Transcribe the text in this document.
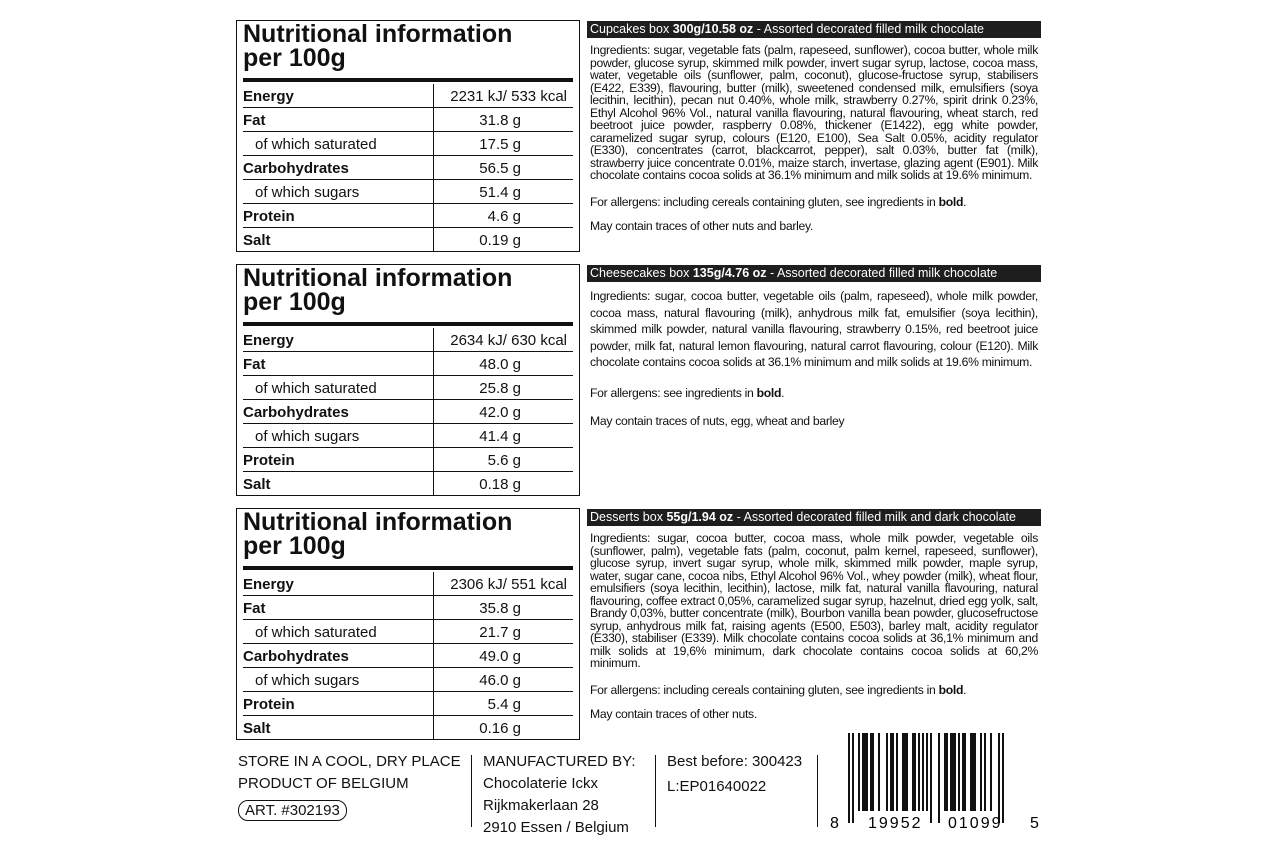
Nutritional information
per 100g
Energy	2231 kJ/ 533 kcal
Fat	31.8 g
of which saturated	17.5 g
Carbohydrates	56.5 g
of which sugars	51.4 g
Protein	4.6 g
Salt	0.19 g
Nutritional information
per 100g
Energy	2634 kJ/ 630 kcal
Fat	48.0 g
of which saturated	25.8 g
Carbohydrates	42.0 g
of which sugars	41.4 g
Protein	5.6 g
Salt	0.18 g
Nutritional information
per 100g
Energy	2306 kJ/ 551 kcal
Fat	35.8 g
of which saturated	21.7 g
Carbohydrates	49.0 g
of which sugars	46.0 g
Protein	5.4 g
Salt	0.16 g
Cupcakes box 300g/10.58 oz - Assorted decorated filled milk chocolate

Ingredients: sugar, vegetable fats (palm, rapeseed, sunflower), cocoa butter, whole milk powder, glucose syrup, skimmed milk powder, invert sugar syrup, lactose, cocoa mass, water, vegetable oils (sunflower, palm, coconut), glucose-fructose syrup, stabilisers (E422, E339), flavouring, butter (milk), sweetened condensed milk, emulsifiers (soya lecithin, lecithin), pecan nut 0.40%, whole milk, strawberry 0.27%, spirit drink 0.23%, Ethyl Alcohol 96% Vol., natural vanilla flavouring, natural flavouring, wheat starch, red beetroot juice powder, raspberry 0.08%, thickener (E1422), egg white powder, caramelized sugar syrup, colours (E120, E100), Sea Salt 0.05%, acidity regulator (E330), concentrates (carrot, blackcarrot, pepper), salt 0.03%, butter fat (milk), strawberry juice concentrate 0.01%, maize starch, invertase, glazing agent (E901). Milk chocolate contains cocoa solids at 36.1% minimum and milk solids at 19.6% minimum.

For allergens: including cereals containing gluten, see ingredients in bold.

May contain traces of other nuts and barley.

Cheesecakes box 135g/4.76 oz - Assorted decorated filled milk chocolate

Ingredients: sugar, cocoa butter, vegetable oils (palm, rapeseed), whole milk powder, cocoa mass, natural flavouring (milk), anhydrous milk fat, emulsifier (soya lecithin), skimmed milk powder, natural vanilla flavouring, strawberry 0.15%, red beetroot juice powder, milk fat, natural lemon flavouring, natural carrot flavouring, colour (E120). Milk chocolate contains cocoa solids at 36.1% minimum and milk solids at 19.6% minimum.

For allergens: see ingredients in bold.

May contain traces of nuts, egg, wheat and barley

Desserts box 55g/1.94 oz - Assorted decorated filled milk and dark chocolate

Ingredients: sugar, cocoa butter, cocoa mass, whole milk powder, vegetable oils (sunflower, palm), vegetable fats (palm, coconut, palm kernel, rapeseed, sunflower), glucose syrup, invert sugar syrup, whole milk, skimmed milk powder, maple syrup, water, sugar cane, cocoa nibs, Ethyl Alcohol 96% Vol., whey powder (milk), wheat flour, emulsifiers (soya lecithin, lecithin), lactose, milk fat, natural vanilla flavouring, natural flavouring, coffee extract 0,05%, caramelized sugar syrup, hazelnut, dried egg yolk, salt, Brandy 0,03%, butter concentrate (milk), Bourbon vanilla bean powder, glucosefructose syrup, anhydrous milk fat, raising agents (E500, E503), barley malt, acidity regulator (E330), stabiliser (E339). Milk chocolate contains cocoa solids at 36,1% minimum and milk solids at 19,6% minimum, dark chocolate contains cocoa solids at 60,2% minimum.

For allergens: including cereals containing gluten, see ingredients in bold.

May contain traces of other nuts.

STORE IN A COOL, DRY PLACE
PRODUCT OF BELGIUM
ART. #302193
MANUFACTURED BY:
Chocolaterie Ickx
Rijkmakerlaan 28
2910 Essen / Belgium
Best before: 300423
L:EP01640022
8 19952 01099 5
